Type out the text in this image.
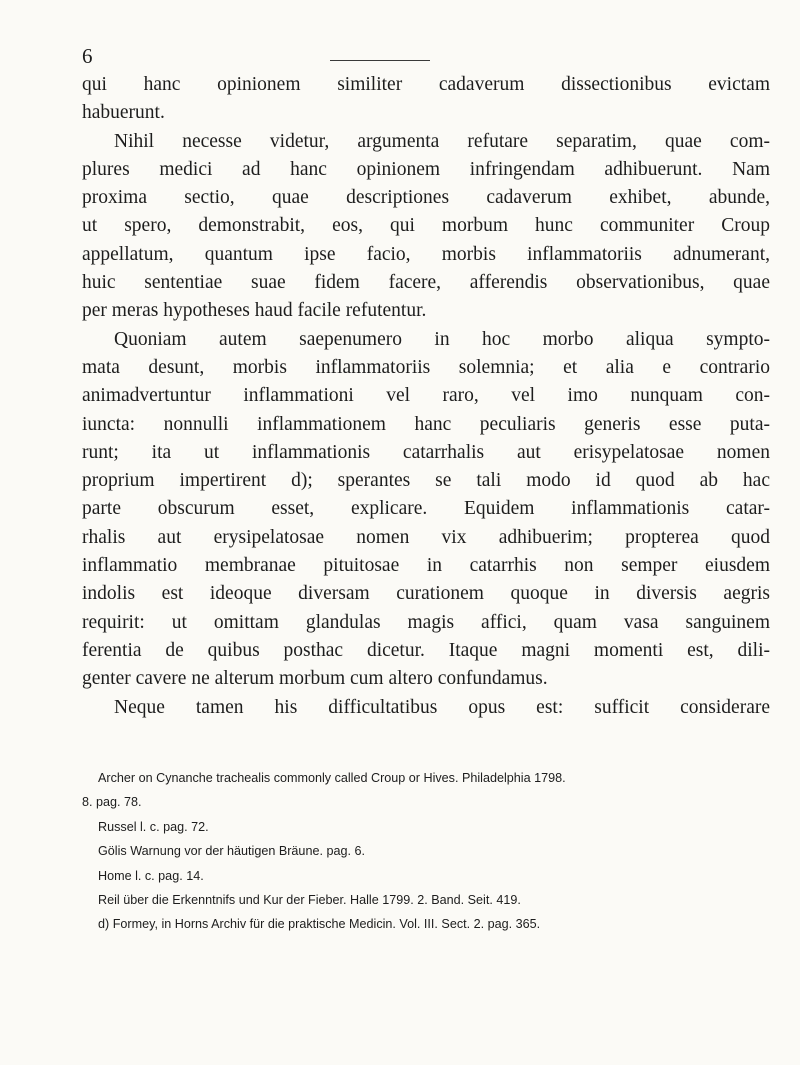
6
qui hanc opinionem similiter cadaverum dissectionibus evictam
habuerunt.
Nihil necesse videtur, argumenta refutare separatim, quae com-
plures medici ad hanc opinionem infringendam adhibuerunt. Nam
proxima sectio, quae descriptiones cadaverum exhibet, abunde,
ut spero, demonstrabit, eos, qui morbum hunc communiter Croup
appellatum, quantum ipse facio, morbis inflammatoriis adnumerant,
huic sententiae suae fidem facere, afferendis observationibus, quae
per meras hypotheses haud facile refutentur.
Quoniam autem saepenumero in hoc morbo aliqua sympto-
mata desunt, morbis inflammatoriis solemnia; et alia e contrario
animadvertuntur inflammationi vel raro, vel imo nunquam con-
iuncta: nonnulli inflammationem hanc peculiaris generis esse puta-
runt; ita ut inflammationis catarrhalis aut erisypelatosae nomen
proprium impertirent d); sperantes se tali modo id quod ab hac
parte obscurum esset, explicare. Equidem inflammationis catar-
rhalis aut erysipelatosae nomen vix adhibuerim; propterea quod
inflammatio membranae pituitosae in catarrhis non semper eiusdem
indolis est ideoque diversam curationem quoque in diversis aegris
requirit: ut omittam glandulas magis affici, quam vasa sanguinem
ferentia de quibus posthac dicetur. Itaque magni momenti est, dili-
genter cavere ne alterum morbum cum altero confundamus.
Neque tamen his difficultatibus opus est: sufficit considerare
Archer on Cynanche trachealis commonly called Croup or Hives. Philadelphia 1798.
8. pag. 78.
Russel l. c. pag. 72.
Gölis Warnung vor der häutigen Bräune. pag. 6.
Home l. c. pag. 14.
Reil über die Erkenntnifs und Kur der Fieber. Halle 1799. 2. Band. Seit. 419.
d) Formey, in Horns Archiv für die praktische Medicin. Vol. III. Sect. 2. pag. 365.
